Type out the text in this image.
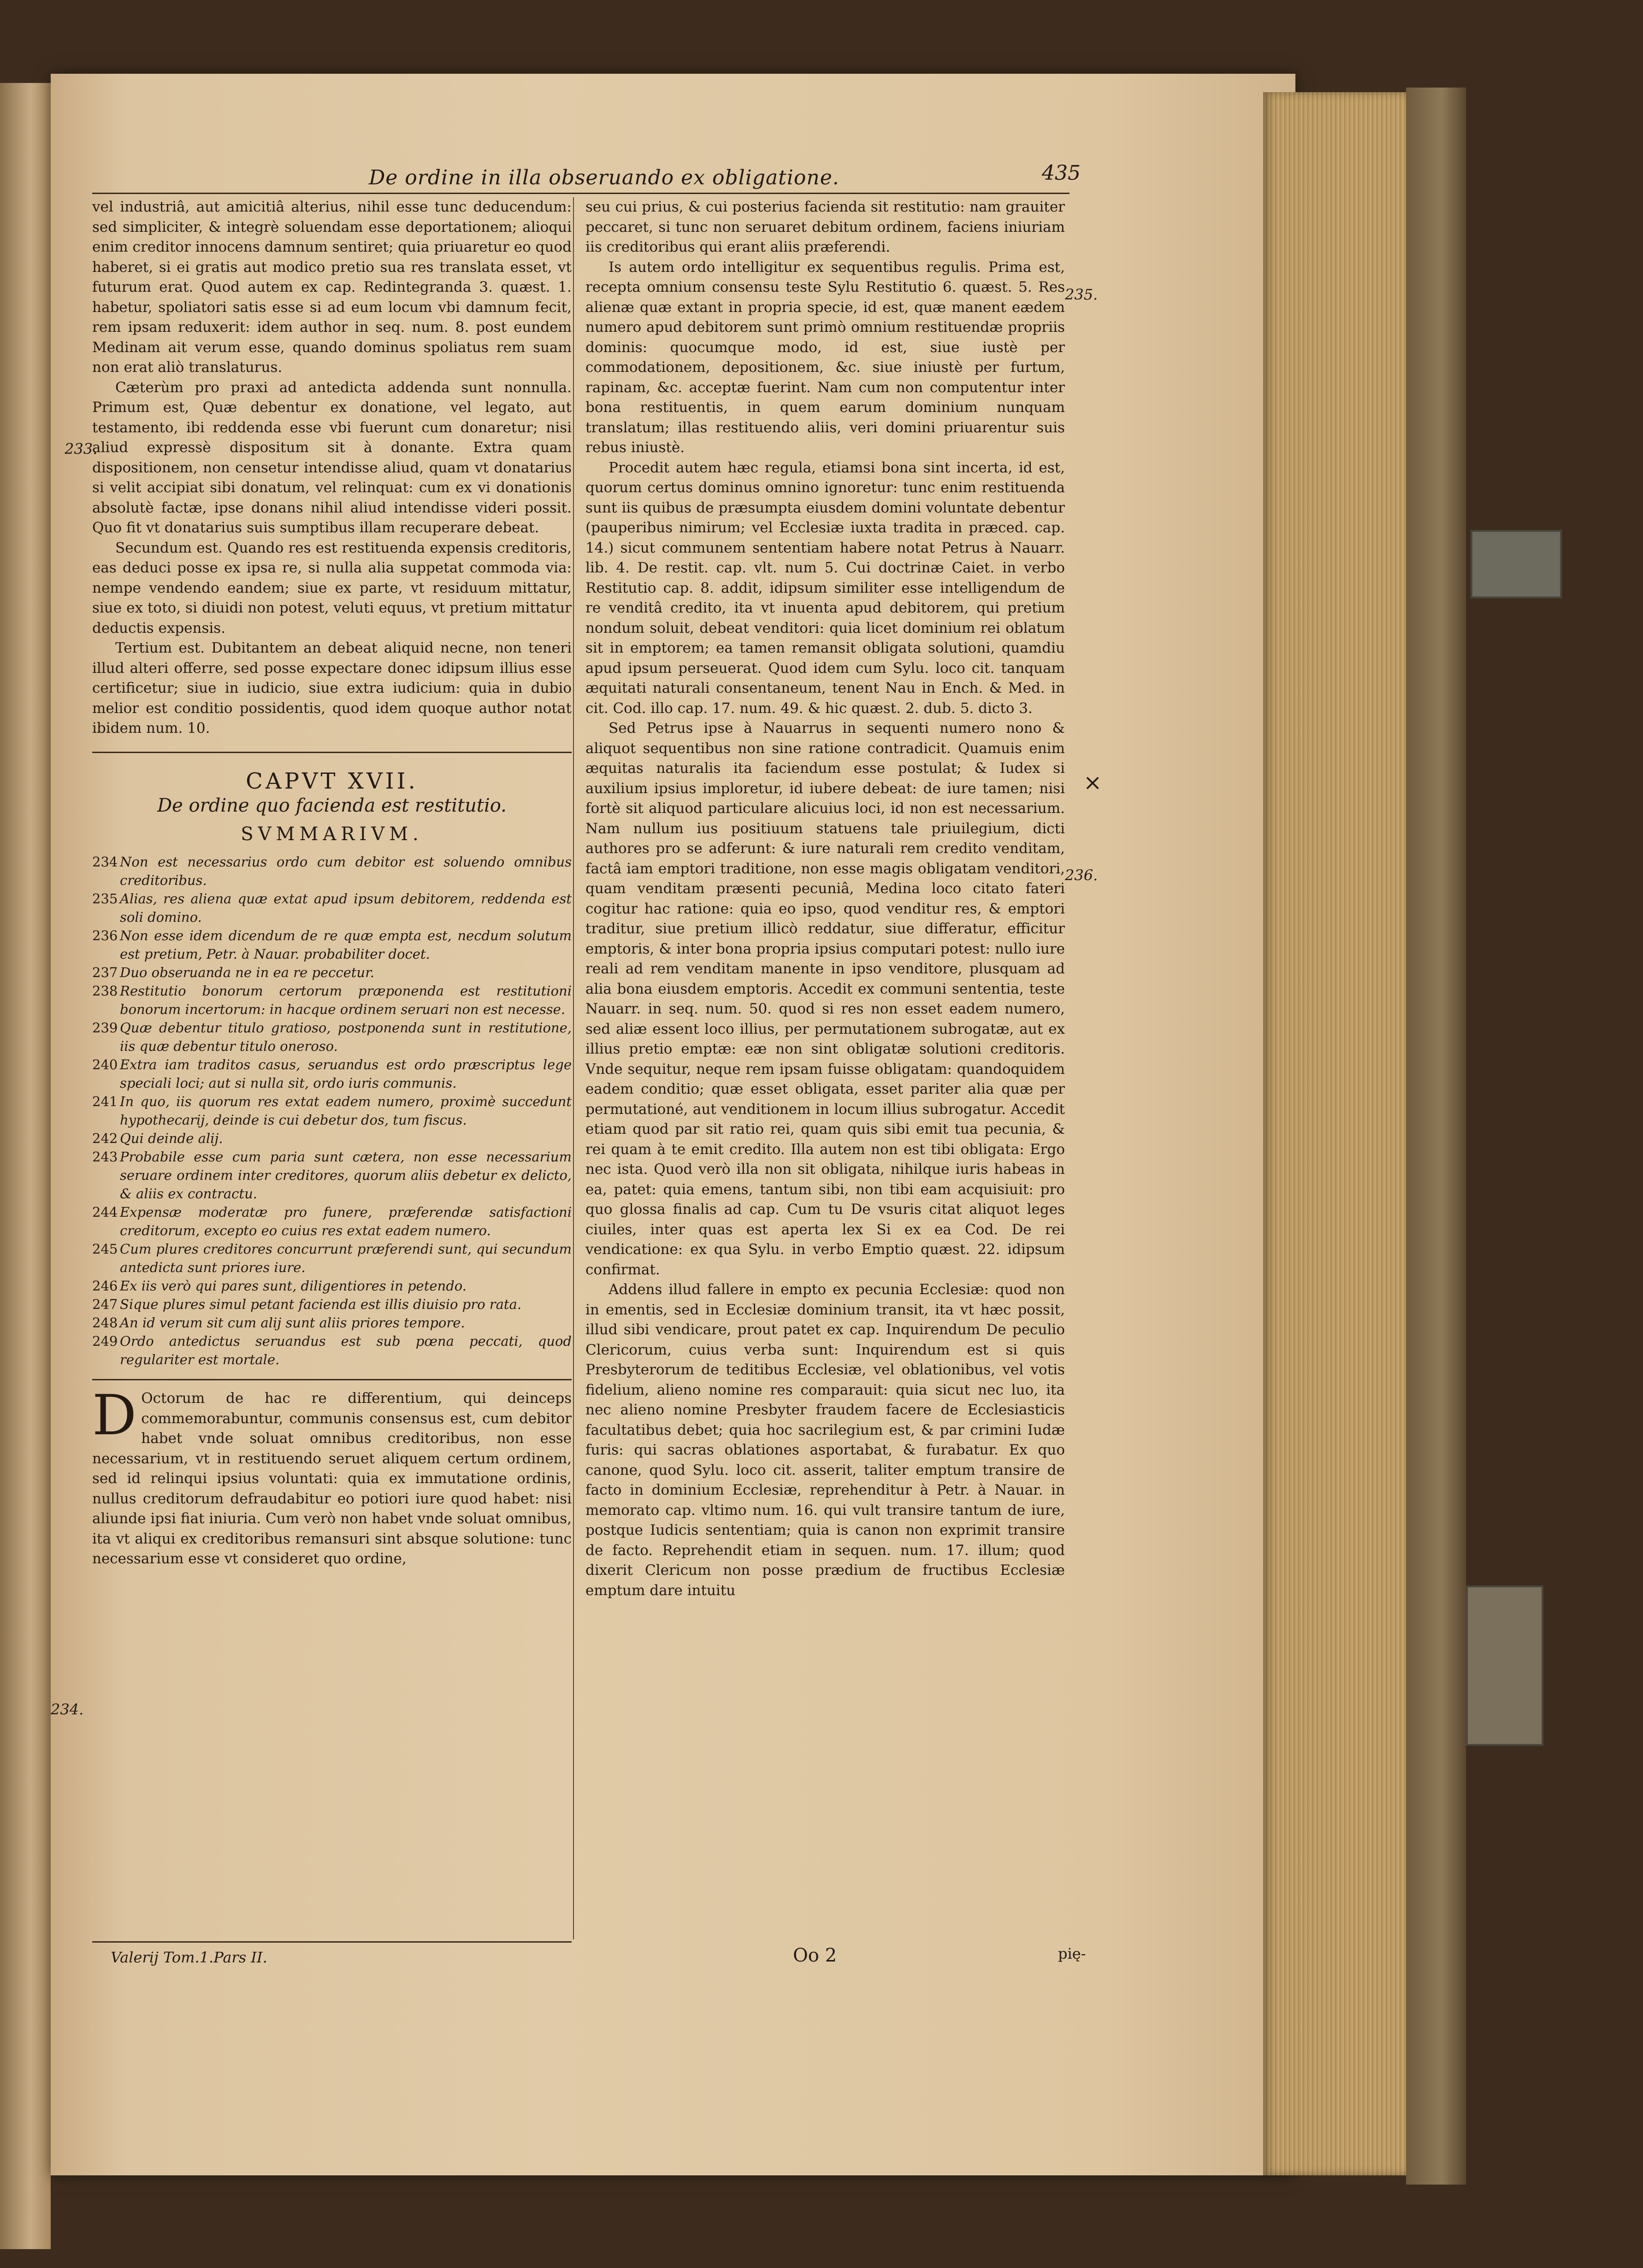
De ordine in illa obseruando ex obligatione.	435
233.
235.
236.
234.
×

vel industriâ, aut amicitiâ alterius, nihil esse tunc deducendum: sed simpliciter, & integrè soluendam esse deportationem; alioqui enim creditor innocens damnum sentiret; quia priuaretur eo quod haberet, si ei gratis aut modico pretio sua res translata esset, vt futurum erat. Quod autem ex cap. Redintegranda 3. quæst. 1. habetur, spoliatori satis esse si ad eum locum vbi damnum fecit, rem ipsam reduxerit: idem author in seq. num. 8. post eundem Medinam ait verum esse, quando dominus spoliatus rem suam non erat aliò translaturus.

Cæterùm pro praxi ad antedicta addenda sunt nonnulla. Primum est, Quæ debentur ex donatione, vel legato, aut testamento, ibi reddenda esse vbi fuerunt cum donaretur; nisi aliud expressè dispositum sit à donante. Extra quam dispositionem, non censetur intendisse aliud, quam vt donatarius si velit accipiat sibi donatum, vel relinquat: cum ex vi donationis absolutè factæ, ipse donans nihil aliud intendisse videri possit. Quo fit vt donatarius suis sumptibus illam recuperare debeat.

Secundum est. Quando res est restituenda expensis creditoris, eas deduci posse ex ipsa re, si nulla alia suppetat commoda via: nempe vendendo eandem; siue ex parte, vt residuum mittatur, siue ex toto, si diuidi non potest, veluti equus, vt pretium mittatur deductis expensis.

Tertium est. Dubitantem an debeat aliquid necne, non teneri illud alteri offerre, sed posse expectare donec idipsum illius esse certificetur; siue in iudicio, siue extra iudicium: quia in dubio melior est conditio possidentis, quod idem quoque author notat ibidem num. 10.

CAPVT XVII.
De ordine quo facienda est restitutio.
SVMMARIVM.
234 Non est necessarius ordo cum debitor est soluendo omnibus creditoribus.
235 Alias, res aliena quæ extat apud ipsum debitorem, reddenda est soli domino.
236 Non esse idem dicendum de re quæ empta est, necdum solutum est pretium, Petr. à Nauar. probabiliter docet.
237 Duo obseruanda ne in ea re peccetur.
238 Restitutio bonorum certorum præponenda est restitutioni bonorum incertorum: in hacque ordinem seruari non est necesse.
239 Quæ debentur titulo gratioso, postponenda sunt in restitutione, iis quæ debentur titulo oneroso.
240 Extra iam traditos casus, seruandus est ordo præscriptus lege speciali loci; aut si nulla sit, ordo iuris communis.
241 In quo, iis quorum res extat eadem numero, proximè succedunt hypothecarij, deinde is cui debetur dos, tum fiscus.
242 Qui deinde alij.
243 Probabile esse cum paria sunt cætera, non esse necessarium seruare ordinem inter creditores, quorum aliis debetur ex delicto, & aliis ex contractu.
244 Expensæ moderatæ pro funere, præferendæ satisfactioni creditorum, excepto eo cuius res extat eadem numero.
245 Cum plures creditores concurrunt præferendi sunt, qui secundum antedicta sunt priores iure.
246 Ex iis verò qui pares sunt, diligentiores in petendo.
247 Sique plures simul petant facienda est illis diuisio pro rata.
248 An id verum sit cum alij sunt aliis priores tempore.
249 Ordo antedictus seruandus est sub pœna peccati, quod regulariter est mortale.

D Octorum de hac re differentium, qui deinceps commemorabuntur, communis consensus est, cum debitor habet vnde soluat omnibus creditoribus, non esse necessarium, vt in restituendo seruet aliquem certum ordinem, sed id relinqui ipsius voluntati: quia ex immutatione ordinis, nullus creditorum defraudabitur eo potiori iure quod habet: nisi aliunde ipsi fiat iniuria. Cum verò non habet vnde soluat omnibus, ita vt aliqui ex creditoribus remansuri sint absque solutione: tunc necessarium esse vt consideret quo ordine,

seu cui prius, & cui posterius facienda sit restitutio: nam grauiter peccaret, si tunc non seruaret debitum ordinem, faciens iniuriam iis creditoribus qui erant aliis præferendi.

Is autem ordo intelligitur ex sequentibus regulis. Prima est, recepta omnium consensu teste Sylu Restitutio 6. quæst. 5. Res alienæ quæ extant in propria specie, id est, quæ manent eædem numero apud debitorem sunt primò omnium restituendæ propriis dominis: quocumque modo, id est, siue iustè per commodationem, depositionem, &c. siue iniustè per furtum, rapinam, &c. acceptæ fuerint. Nam cum non computentur inter bona restituentis, in quem earum dominium nunquam translatum; illas restituendo aliis, veri domini priuarentur suis rebus iniustè.

Procedit autem hæc regula, etiamsi bona sint incerta, id est, quorum certus dominus omnino ignoretur: tunc enim restituenda sunt iis quibus de præsumpta eiusdem domini voluntate debentur (pauperibus nimirum; vel Ecclesiæ iuxta tradita in præced. cap. 14.) sicut communem sententiam habere notat Petrus à Nauarr. lib. 4. De restit. cap. vlt. num 5. Cui doctrinæ Caiet. in verbo Restitutio cap. 8. addit, idipsum similiter esse intelligendum de re venditâ credito, ita vt inuenta apud debitorem, qui pretium nondum soluit, debeat venditori: quia licet dominium rei oblatum sit in emptorem; ea tamen remansit obligata solutioni, quamdiu apud ipsum perseuerat. Quod idem cum Sylu. loco cit. tanquam æquitati naturali consentaneum, tenent Nau in Ench. & Med. in cit. Cod. illo cap. 17. num. 49. & hic quæst. 2. dub. 5. dicto 3.

Sed Petrus ipse à Nauarrus in sequenti numero nono & aliquot sequentibus non sine ratione contradicit. Quamuis enim æquitas naturalis ita faciendum esse postulat; & Iudex si auxilium ipsius imploretur, id iubere debeat: de iure tamen; nisi fortè sit aliquod particulare alicuius loci, id non est necessarium. Nam nullum ius positiuum statuens tale priuilegium, dicti authores pro se adferunt: & iure naturali rem credito venditam, factâ iam emptori traditione, non esse magis obligatam venditori, quam venditam præsenti pecuniâ, Medina loco citato fateri cogitur hac ratione: quia eo ipso, quod venditur res, & emptori traditur, siue pretium illicò reddatur, siue differatur, efficitur emptoris, & inter bona propria ipsius computari potest: nullo iure reali ad rem venditam manente in ipso venditore, plusquam ad alia bona eiusdem emptoris. Accedit ex communi sententia, teste Nauarr. in seq. num. 50. quod si res non esset eadem numero, sed aliæ essent loco illius, per permutationem subrogatæ, aut ex illius pretio emptæ: eæ non sint obligatæ solutioni creditoris. Vnde sequitur, neque rem ipsam fuisse obligatam: quandoquidem eadem conditio; quæ esset obligata, esset pariter alia quæ per permutationé, aut venditionem in locum illius subrogatur. Accedit etiam quod par sit ratio rei, quam quis sibi emit tua pecunia, & rei quam à te emit credito. Illa autem non est tibi obligata: Ergo nec ista. Quod verò illa non sit obligata, nihilque iuris habeas in ea, patet: quia emens, tantum sibi, non tibi eam acquisiuit: pro quo glossa finalis ad cap. Cum tu De vsuris citat aliquot leges ciuiles, inter quas est aperta lex Si ex ea Cod. De rei vendicatione: ex qua Sylu. in verbo Emptio quæst. 22. idipsum confirmat.

Addens illud fallere in empto ex pecunia Ecclesiæ: quod non in ementis, sed in Ecclesiæ dominium transit, ita vt hæc possit, illud sibi vendicare, prout patet ex cap. Inquirendum De peculio Clericorum, cuius verba sunt: Inquirendum est si quis Presbyterorum de teditibus Ecclesiæ, vel oblationibus, vel votis fidelium, alieno nomine res comparauit: quia sicut nec luo, ita nec alieno nomine Presbyter fraudem facere de Ecclesiasticis facultatibus debet; quia hoc sacrilegium est, & par crimini Iudæ furis: qui sacras oblationes asportabat, & furabatur. Ex quo canone, quod Sylu. loco cit. asserit, taliter emptum transire de facto in dominium Ecclesiæ, reprehenditur à Petr. à Nauar. in memorato cap. vltimo num. 16. qui vult transire tantum de iure, postque Iudicis sententiam; quia is canon non exprimit transire de facto. Reprehendit etiam in sequen. num. 17. illum; quod dixerit Clericum non posse prædium de fructibus Ecclesiæ emptum dare intuitu

Valerij Tom.1.Pars II.	Oo 2	pię-
